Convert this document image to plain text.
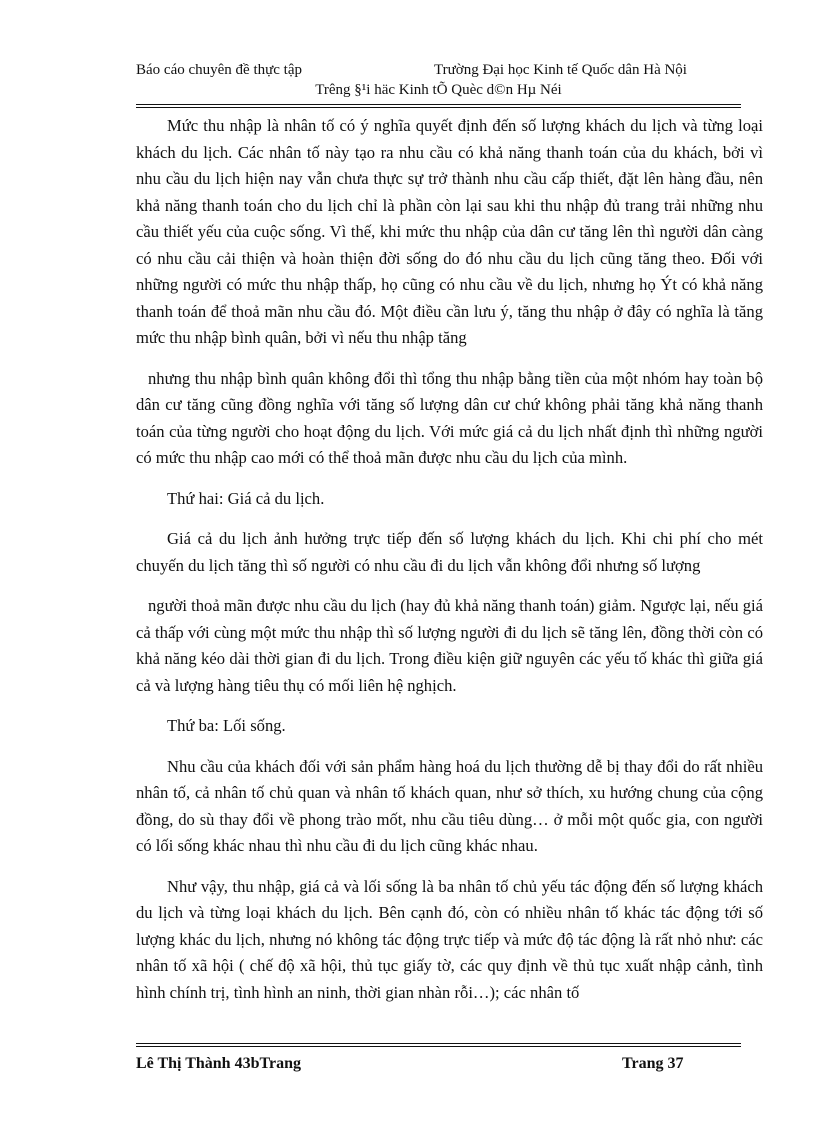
Báo cáo chuyên đề thực tập	Trường Đại học Kinh tế Quốc dân Hà Nội
Trêng §¹i häc Kinh tÕ Quèc d©n Hµ Néi

Mức thu nhập là nhân tố có ý nghĩa quyết định đến số lượng khách du lịch và từng loại khách du lịch. Các nhân tố này tạo ra nhu cầu có khả năng thanh toán của du khách, bởi vì nhu cầu du lịch hiện nay vẫn chưa thực sự trở thành nhu cầu cấp thiết, đặt lên hàng đầu, nên khả năng thanh toán cho du lịch chỉ là phần còn lại sau khi thu nhập đủ trang trải những nhu cầu thiết yếu của cuộc sống. Vì thế, khi mức thu nhập của dân cư tăng lên thì người dân càng có nhu cầu cải thiện và hoàn thiện đời sống do đó nhu cầu du lịch cũng tăng theo. Đối với những người có mức thu nhập thấp, họ cũng có nhu cầu về du lịch, nhưng họ Ýt có khả năng thanh toán để thoả mãn nhu cầu đó. Một điều cần lưu ý, tăng thu nhập ở đây có nghĩa là tăng mức thu nhập bình quân, bởi vì nếu thu nhập tăng

nhưng thu nhập bình quân không đổi thì tổng thu nhập bằng tiền của một nhóm hay toàn bộ dân cư tăng cũng đồng nghĩa với tăng số lượng dân cư chứ không phải tăng khả năng thanh toán của từng người cho hoạt động du lịch. Với mức giá cả du lịch nhất định thì những người có mức thu nhập cao mới có thể thoả mãn được nhu cầu du lịch của mình.

Thứ hai: Giá cả du lịch.

Giá cả du lịch ảnh hưởng trực tiếp đến số lượng khách du lịch. Khi chi phí cho mét chuyến du lịch tăng thì số người có nhu cầu đi du lịch vẫn không đổi nhưng số lượng

người thoả mãn được nhu cầu du lịch (hay đủ khả năng thanh toán) giảm. Ngược lại, nếu giá cả thấp với cùng một mức thu nhập thì số lượng người đi du lịch sẽ tăng lên, đồng thời còn có khả năng kéo dài thời gian đi du lịch. Trong điều kiện giữ nguyên các yếu tố khác thì giữa giá cả và lượng hàng tiêu thụ có mối liên hệ nghịch.

Thứ ba: Lối sống.

Nhu cầu của khách đối với sản phẩm hàng hoá du lịch thường dễ bị thay đổi do rất nhiều nhân tố, cả nhân tố chủ quan và nhân tố khách quan, như sở thích, xu hướng chung của cộng đồng, do sù thay đổi về phong trào mốt, nhu cầu tiêu dùng… ở mỗi một quốc gia, con người có lối sống khác nhau thì nhu cầu đi du lịch cũng khác nhau.

Như vậy, thu nhập, giá cả và lối sống là ba nhân tố chủ yếu tác động đến số lượng khách du lịch và từng loại khách du lịch. Bên cạnh đó, còn có nhiều nhân tố khác tác động tới số lượng khác du lịch, nhưng nó không tác động trực tiếp và mức độ tác động là rất nhỏ như: các nhân tố xã hội ( chế độ xã hội, thủ tục giấy tờ, các quy định về thủ tục xuất nhập cảnh, tình hình chính trị, tình hình an ninh, thời gian nhàn rỗi…); các nhân tố

Lê Thị Thành 43bTrang	Trang 37
